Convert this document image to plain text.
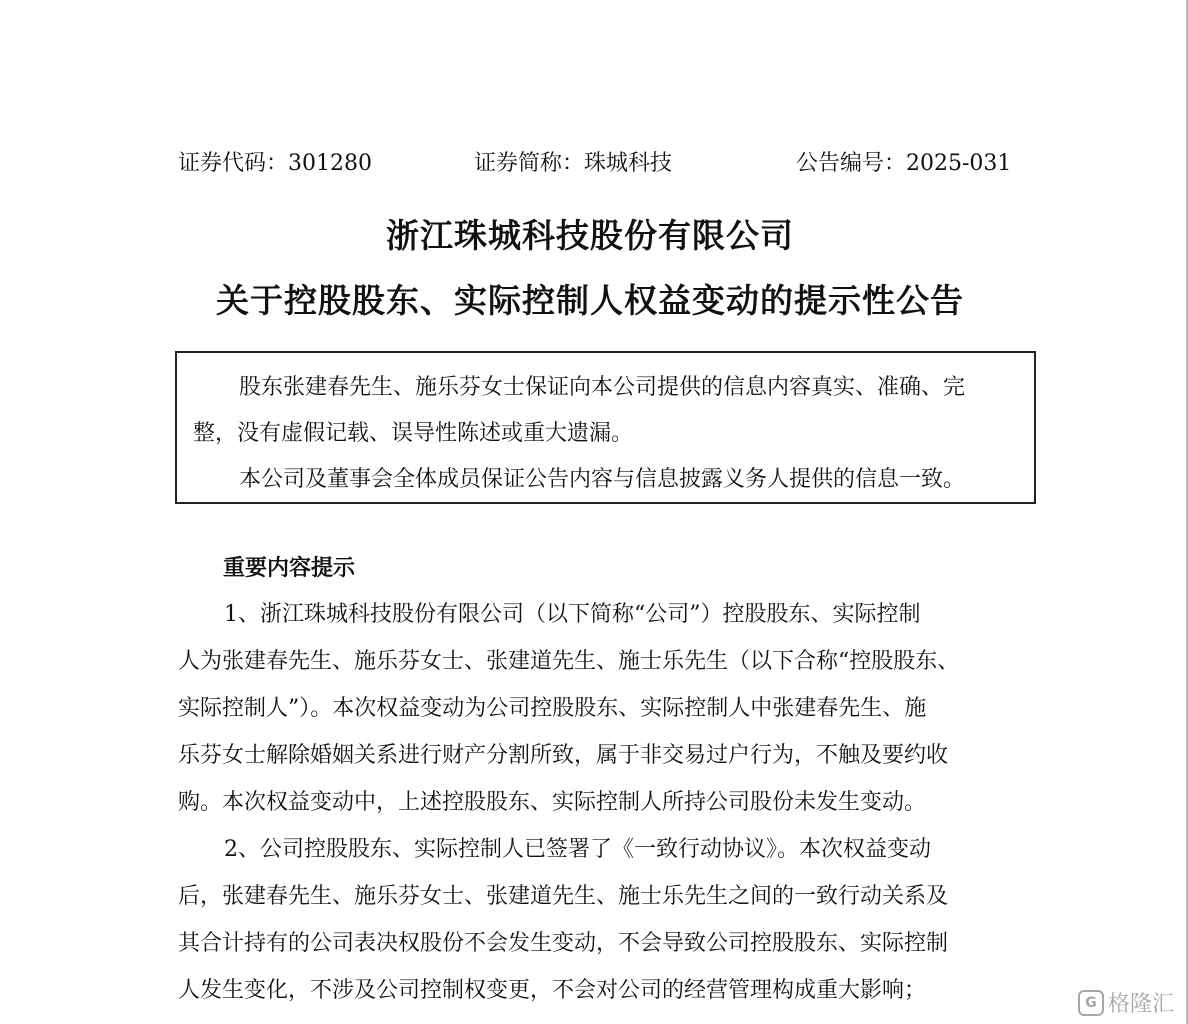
证券代码：301280	证券简称：珠城科技	公告编号：2025-031
浙江珠城科技股份有限公司
关于控股股东、实际控制人权益变动的提示性公告

股东张建春先生、施乐芬女士保证向本公司提供的信息内容真实、准确、完

整，没有虚假记载、误导性陈述或重大遗漏。

本公司及董事会全体成员保证公告内容与信息披露义务人提供的信息一致。

重要内容提示
1、浙江珠城科技股份有限公司（以下简称“公司”）控股股东、实际控制
人为张建春先生、施乐芬女士、张建道先生、施士乐先生（以下合称“控股股东、
实际控制人”）。本次权益变动为公司控股股东、实际控制人中张建春先生、施
乐芬女士解除婚姻关系进行财产分割所致，属于非交易过户行为，不触及要约收
购。本次权益变动中，上述控股股东、实际控制人所持公司股份未发生变动。
2、公司控股股东、实际控制人已签署了《一致行动协议》。本次权益变动
后，张建春先生、施乐芬女士、张建道先生、施士乐先生之间的一致行动关系及
其合计持有的公司表决权股份不会发生变动，不会导致公司控股股东、实际控制
人发生变化，不涉及公司控制权变更，不会对公司的经营管理构成重大影响；	G 格隆汇
